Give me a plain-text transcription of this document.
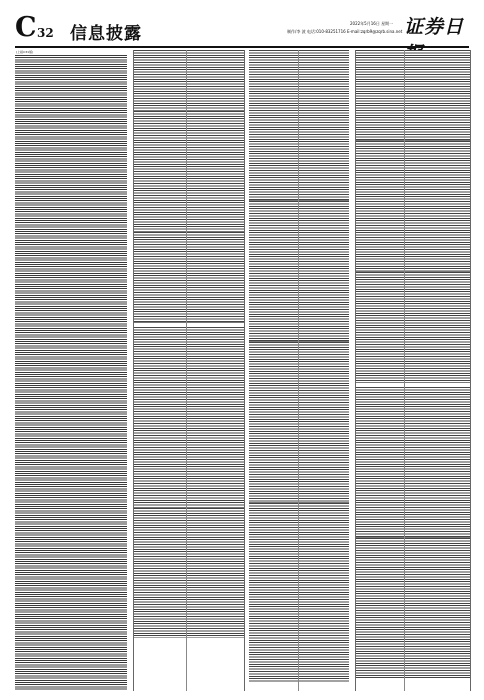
C 32 信息披露
2022年5月16日 星期一
制作/李 波 电话:010-83251716 E-mail:zqrb9@zqrb.sina.net 证券日
(上接C31版)
